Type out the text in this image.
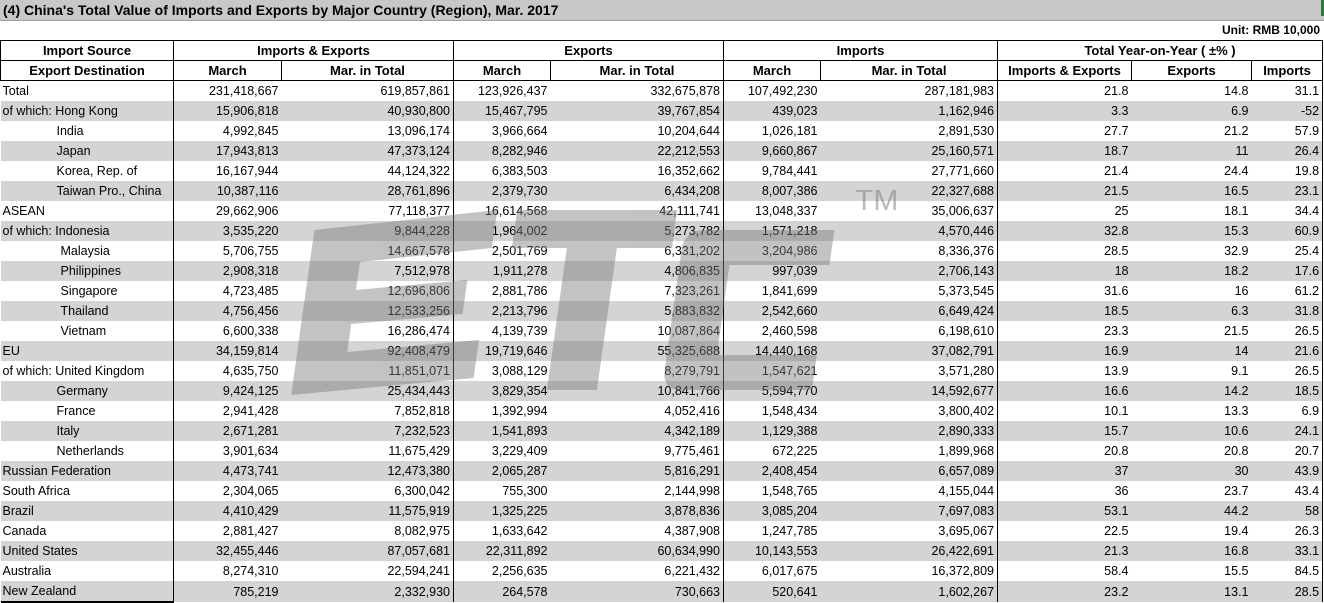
(4) China's Total Value of Imports and Exports by Major Country (Region), Mar. 2017
Unit: RMB 10,000
Import Source	Imports & Exports		Exports		Imports		Total Year-on-Year ( ±% )		
Export Destination	March	Mar. in Total	March	Mar. in Total	March	Mar. in Total	Imports & Exports	Exports	Imports
Total	231,418,667	619,857,861	123,926,437	332,675,878	107,492,230	287,181,983	21.8	14.8	31.1
of which: Hong Kong	15,906,818	40,930,800	15,467,795	39,767,854	439,023	1,162,946	3.3	6.9	-52
India	4,992,845	13,096,174	3,966,664	10,204,644	1,026,181	2,891,530	27.7	21.2	57.9
Japan	17,943,813	47,373,124	8,282,946	22,212,553	9,660,867	25,160,571	18.7	11	26.4
Korea, Rep. of	16,167,944	44,124,322	6,383,503	16,352,662	9,784,441	27,771,660	21.4	24.4	19.8
Taiwan Pro., China	10,387,116	28,761,896	2,379,730	6,434,208	8,007,386	22,327,688	21.5	16.5	23.1
ASEAN	29,662,906	77,118,377	16,614,568	42,111,741	13,048,337	35,006,637	25	18.1	34.4
of which: Indonesia	3,535,220	9,844,228	1,964,002	5,273,782	1,571,218	4,570,446	32.8	15.3	60.9
Malaysia	5,706,755	14,667,578	2,501,769	6,331,202	3,204,986	8,336,376	28.5	32.9	25.4
Philippines	2,908,318	7,512,978	1,911,278	4,806,835	997,039	2,706,143	18	18.2	17.6
Singapore	4,723,485	12,696,806	2,881,786	7,323,261	1,841,699	5,373,545	31.6	16	61.2
Thailand	4,756,456	12,533,256	2,213,796	5,883,832	2,542,660	6,649,424	18.5	6.3	31.8
Vietnam	6,600,338	16,286,474	4,139,739	10,087,864	2,460,598	6,198,610	23.3	21.5	26.5
EU	34,159,814	92,408,479	19,719,646	55,325,688	14,440,168	37,082,791	16.9	14	21.6
of which: United Kingdom	4,635,750	11,851,071	3,088,129	8,279,791	1,547,621	3,571,280	13.9	9.1	26.5
Germany	9,424,125	25,434,443	3,829,354	10,841,766	5,594,770	14,592,677	16.6	14.2	18.5
France	2,941,428	7,852,818	1,392,994	4,052,416	1,548,434	3,800,402	10.1	13.3	6.9
Italy	2,671,281	7,232,523	1,541,893	4,342,189	1,129,388	2,890,333	15.7	10.6	24.1
Netherlands	3,901,634	11,675,429	3,229,409	9,775,461	672,225	1,899,968	20.8	20.8	20.7
Russian Federation	4,473,741	12,473,380	2,065,287	5,816,291	2,408,454	6,657,089	37	30	43.9
South Africa	2,304,065	6,300,042	755,300	2,144,998	1,548,765	4,155,044	36	23.7	43.4
Brazil	4,410,429	11,575,919	1,325,225	3,878,836	3,085,204	7,697,083	53.1	44.2	58
Canada	2,881,427	8,082,975	1,633,642	4,387,908	1,247,785	3,695,067	22.5	19.4	26.3
United States	32,455,446	87,057,681	22,311,892	60,634,990	10,143,553	26,422,691	21.3	16.8	33.1
Australia	8,274,310	22,594,241	2,256,635	6,221,432	6,017,675	16,372,809	58.4	15.5	84.5
New Zealand	785,219	2,332,930	264,578	730,663	520,641	1,602,267	23.2	13.1	28.5
TM
